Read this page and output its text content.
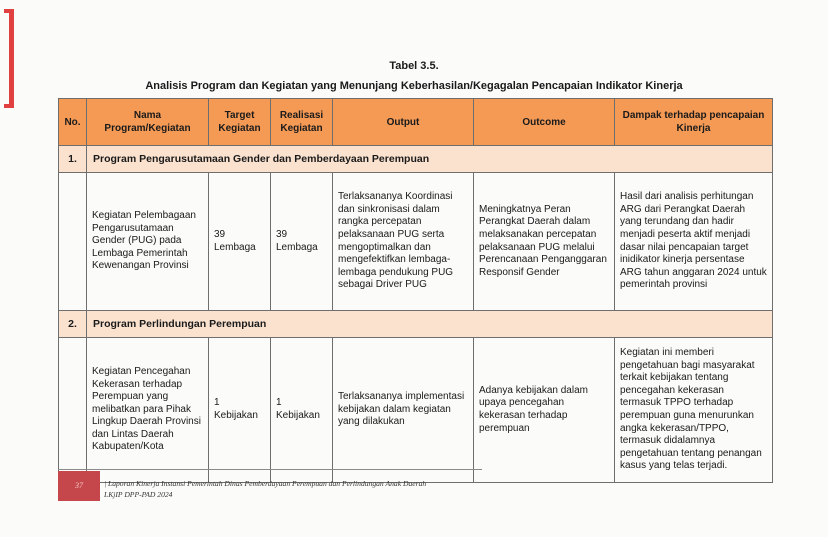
Tabel 3.5.
Analisis Program dan Kegiatan yang Menunjang Keberhasilan/Kegagalan Pencapaian Indikator Kinerja
No.	Nama Program/Kegiatan	Target Kegiatan	Realisasi Kegiatan	Output	Outcome	Dampak terhadap pencapaian Kinerja
1.	Program Pengarusutamaan Gender dan Pemberdayaan Perempuan					
	Kegiatan Pelembagaan Pengarusutamaan Gender (PUG) pada Lembaga Pemerintah Kewenangan Provinsi	39 Lembaga	39 Lembaga	Terlaksananya Koordinasi dan sinkronisasi dalam rangka percepatan pelaksanaan PUG serta mengoptimalkan dan mengefektifkan lembaga-lembaga pendukung PUG sebagai Driver PUG	Meningkatnya Peran Perangkat Daerah dalam melaksanakan percepatan pelaksanaan PUG melalui Perencanaan Penganggaran Responsif Gender	Hasil dari analisis perhitungan ARG dari Perangkat Daerah yang terundang dan hadir menjadi peserta aktif menjadi dasar nilai pencapaian target inidikator kinerja persentase ARG tahun anggaran 2024 untuk pemerintah provinsi
2.	Program Perlindungan Perempuan					
	Kegiatan Pencegahan Kekerasan terhadap Perempuan yang melibatkan para Pihak Lingkup Daerah Provinsi dan Lintas Daerah Kabupaten/Kota	1 Kebijakan	1 Kebijakan	Terlaksananya implementasi kebijakan dalam kegiatan yang dilakukan	Adanya kebijakan dalam upaya pencegahan kekerasan terhadap perempuan	Kegiatan ini memberi pengetahuan bagi masyarakat terkait kebijakan tentang pencegahan kekerasan termasuk TPPO terhadap perempuan guna menurunkan angka kekerasan/TPPO, termasuk didalamnya pengetahuan tentang penangan kasus yang telas terjadi.
37	| Laporan Kinerja Instansi Pemerintah Dinas Pemberdayaan Perempuan dan Perlindungan Anak Daerah
LKjIP DPP-PAD 2024
